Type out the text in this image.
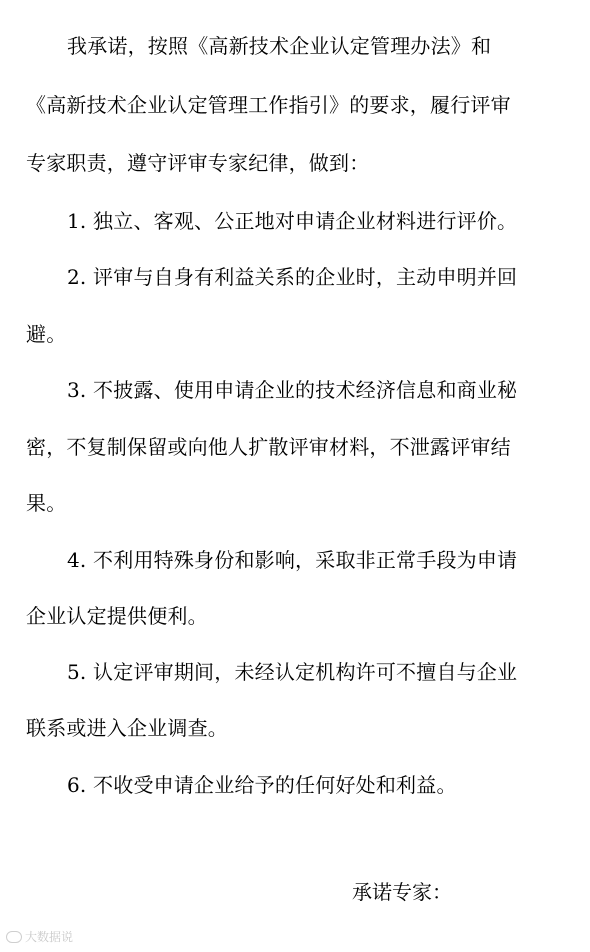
我承诺，按照《高新技术企业认定管理办法》和
《高新技术企业认定管理工作指引》的要求，履行评审
专家职责，遵守评审专家纪律，做到：
1. 独立、客观、公正地对申请企业材料进行评价。
2. 评审与自身有利益关系的企业时，主动申明并回
避。
3. 不披露、使用申请企业的技术经济信息和商业秘
密，不复制保留或向他人扩散评审材料，不泄露评审结
果。
4. 不利用特殊身份和影响，采取非正常手段为申请
企业认定提供便利。
5. 认定评审期间，未经认定机构许可不擅自与企业
联系或进入企业调查。
6. 不收受申请企业给予的任何好处和利益。
承诺专家：
大数据说
